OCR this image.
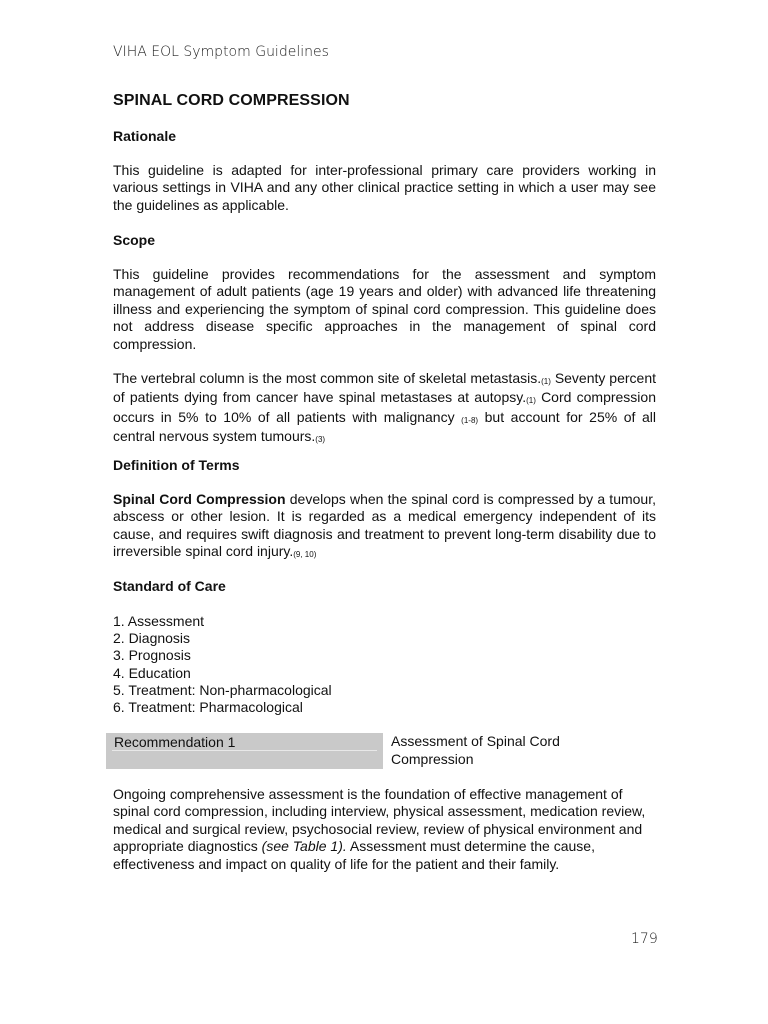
VIHA EOL Symptom Guidelines
SPINAL CORD COMPRESSION
Rationale
This guideline is adapted for inter-professional primary care providers working in various settings in VIHA and any other clinical practice setting in which a user may see the guidelines as applicable.
Scope
This guideline provides recommendations for the assessment and symptom management of adult patients (age 19 years and older) with advanced life threatening illness and experiencing the symptom of spinal cord compression. This guideline does not address disease specific approaches in the management of spinal cord compression.
The vertebral column is the most common site of skeletal $metastasis._{(1)}$ Seventy percent of patients dying from cancer have spinal metastases at $autopsy._{(1)}$ Cord compression occurs in 5% to 10% of all patients with malignancy $_{(1-8)}$ but account for 25% of all central nervous system $tumours._{(3)}$
Definition of Terms
Spinal Cord Compression develops when the spinal cord is compressed by a tumour, abscess or other lesion. It is regarded as a medical emergency independent of its cause, and requires swift diagnosis and treatment to prevent long-term disability due to irreversible spinal cord $injury._{(9, 10)}$
Standard of Care
1. Assessment
2. Diagnosis
3. Prognosis
4. Education
5. Treatment: Non-pharmacological
6. Treatment: Pharmacological
Recommendation 1	Assessment of Spinal Cord Compression
Ongoing comprehensive assessment is the foundation of effective management of spinal cord compression, including interview, physical assessment, medication review, medical and surgical review, psychosocial review, review of physical environment and appropriate diagnostics (see Table 1). Assessment must determine the cause, effectiveness and impact on quality of life for the patient and their family.
179
